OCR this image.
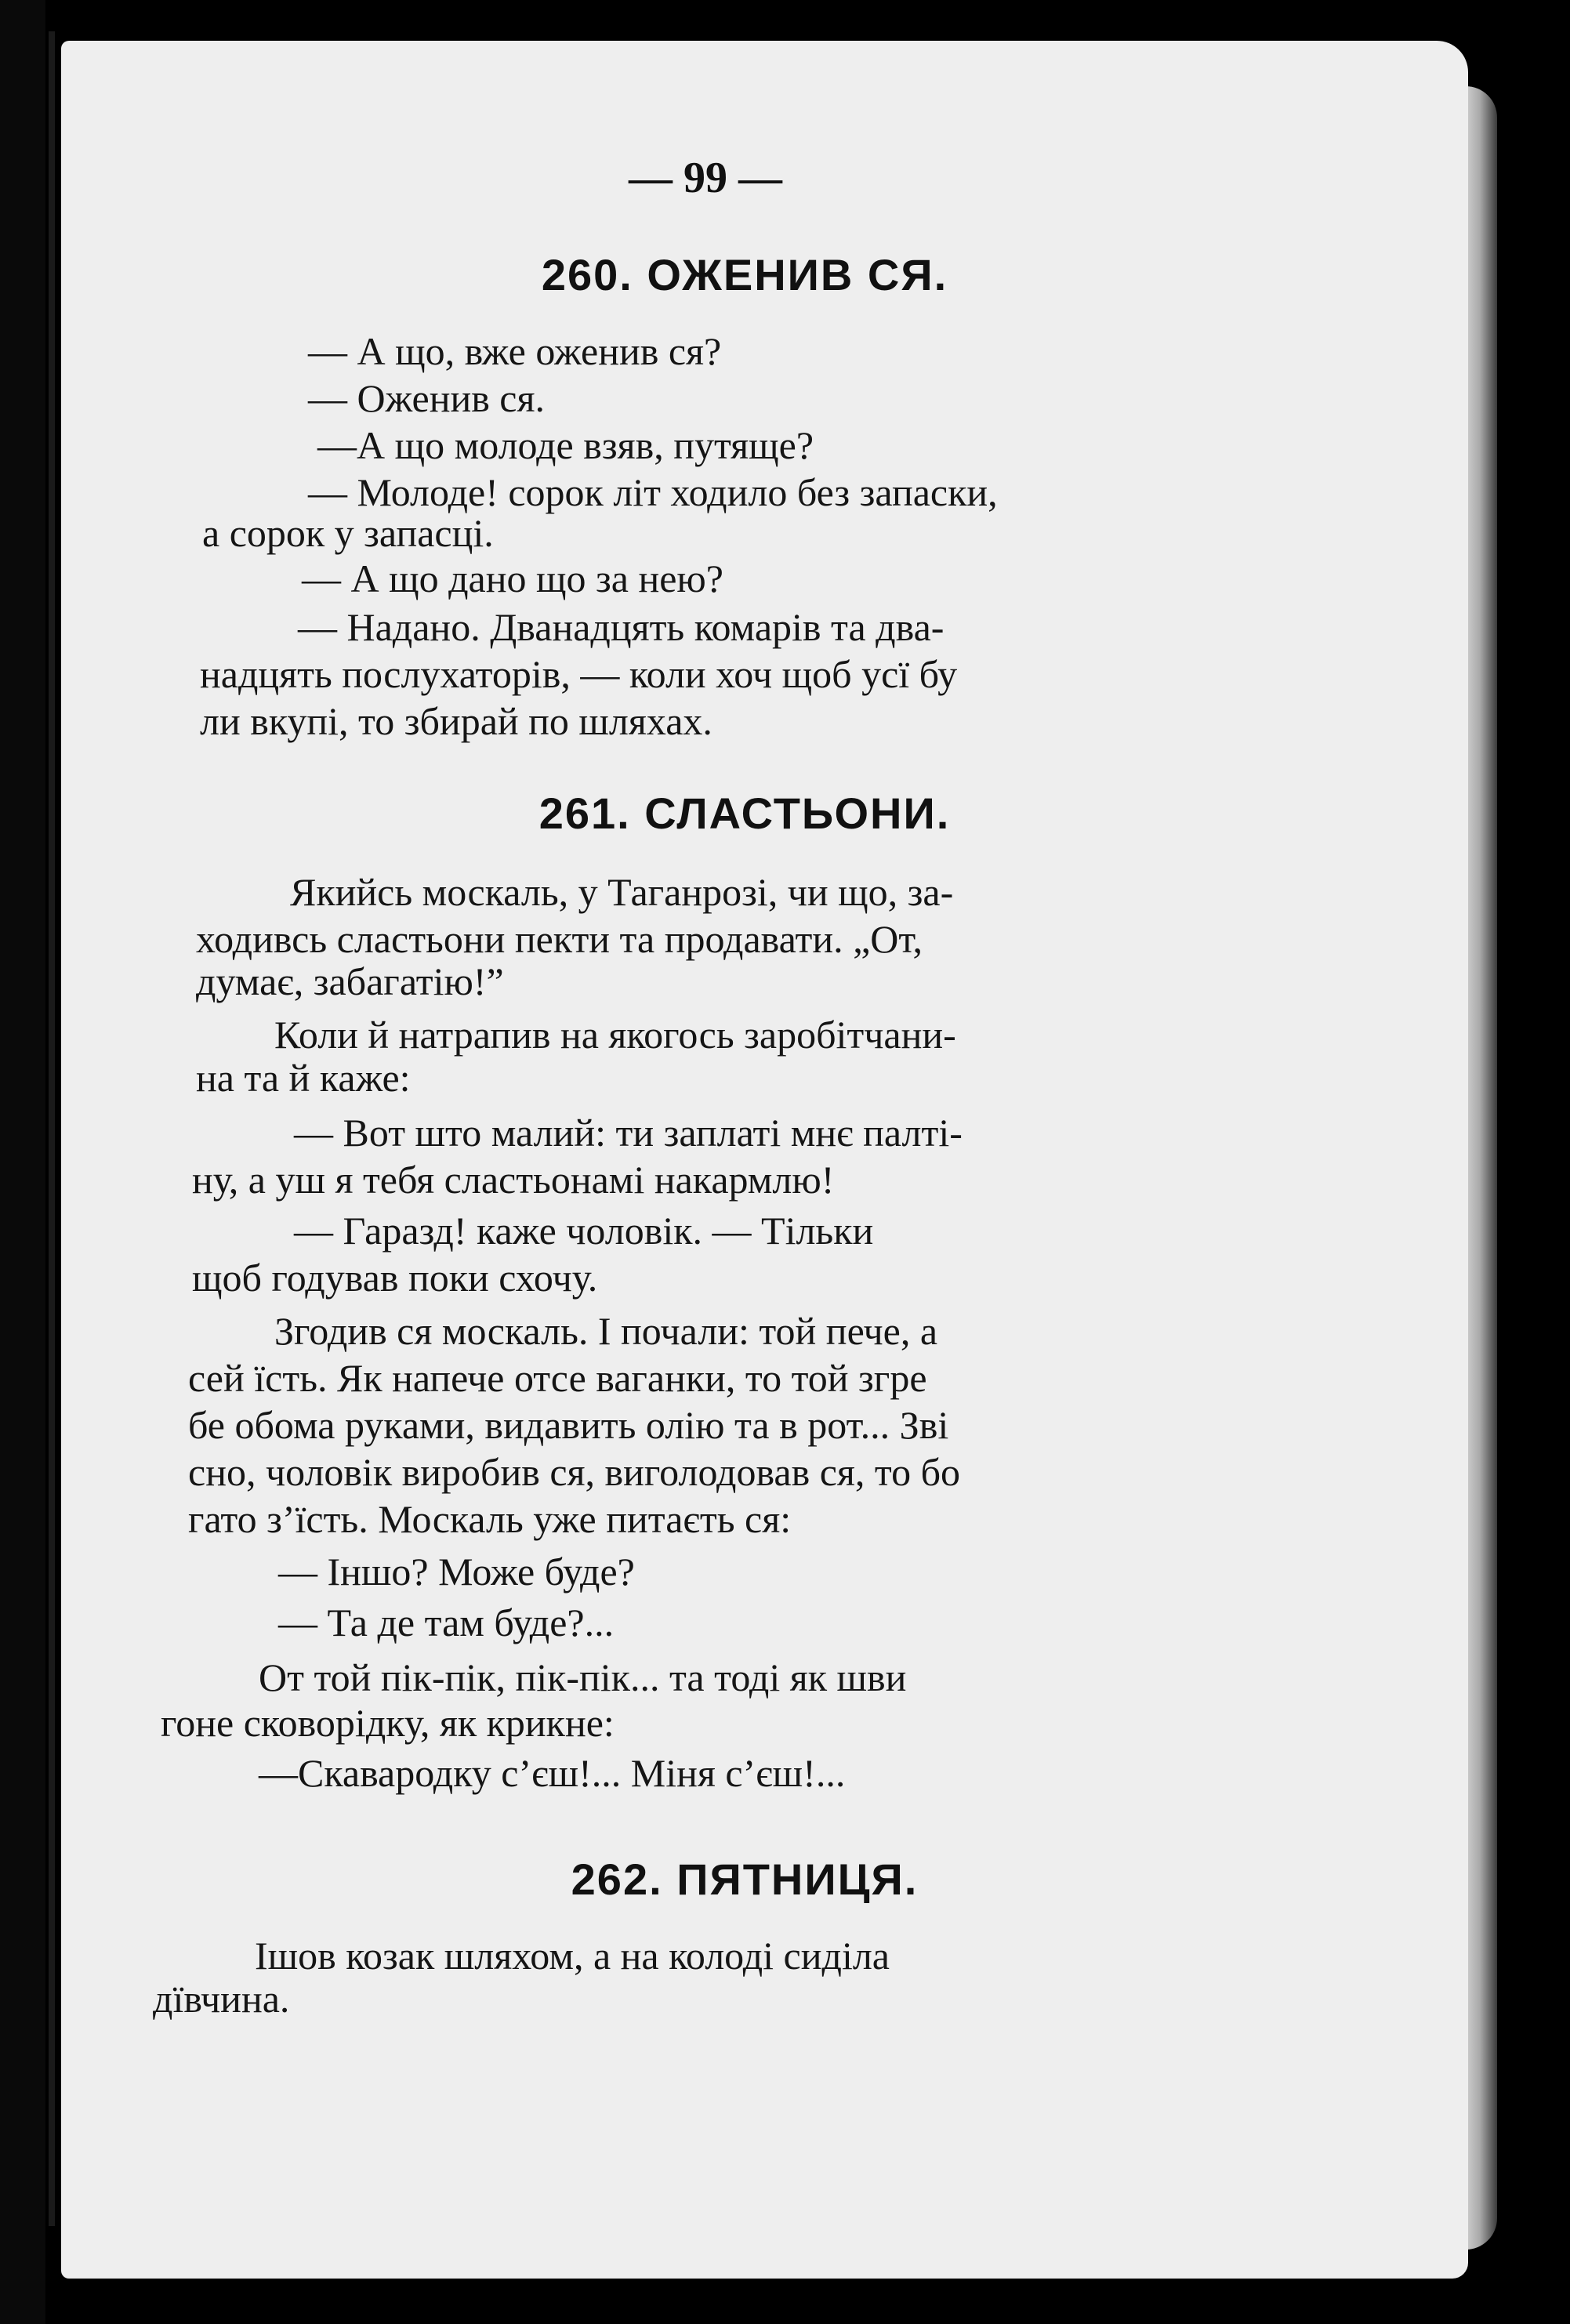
— 99 —
260. ОЖЕНИВ СЯ.
— А що, вже оженив ся?
— Оженив ся.
—А що молоде взяв, путяще?
— Молоде! сорок літ ходило без запаски,
а сорок у запасці.
— А що дано що за нею?
— Надано. Дванадцять комарів та два-
надцять послухаторів, — коли хоч щоб усї бу
ли вкупі, то збирай по шляхах.
261. СЛАСТЬОНИ.
Якийсь москаль, у Таганрозі, чи що, за-
ходивсь сластьони пекти та продавати. „От,
думає, забагатію!”
Коли й натрапив на якогось заробітчани-
на та й каже:
— Вот што малий: ти заплаті мнє палті-
ну, а уш я тебя сластьонамі накармлю!
— Гаразд! каже чоловік. — Тільки
щоб годував поки схочу.
Згодив ся москаль. І почали: той пече, а
сей їсть. Як напече отсе ваганки, то той згре
бе обома руками, видавить олію та в рот... Зві
сно, чоловік виробив ся, виголодовав ся, то бо
гато з’їсть. Москаль уже питаєть ся:
— Іншо? Може буде?
— Та де там буде?...
От той пік-пік, пік-пік... та тоді як шви
гоне сковорідку, як крикне:
—Скавародку с’єш!... Міня с’єш!...
262. ПЯТНИЦЯ.
Ішов козак шляхом, а на колоді сиділа
дївчина.
